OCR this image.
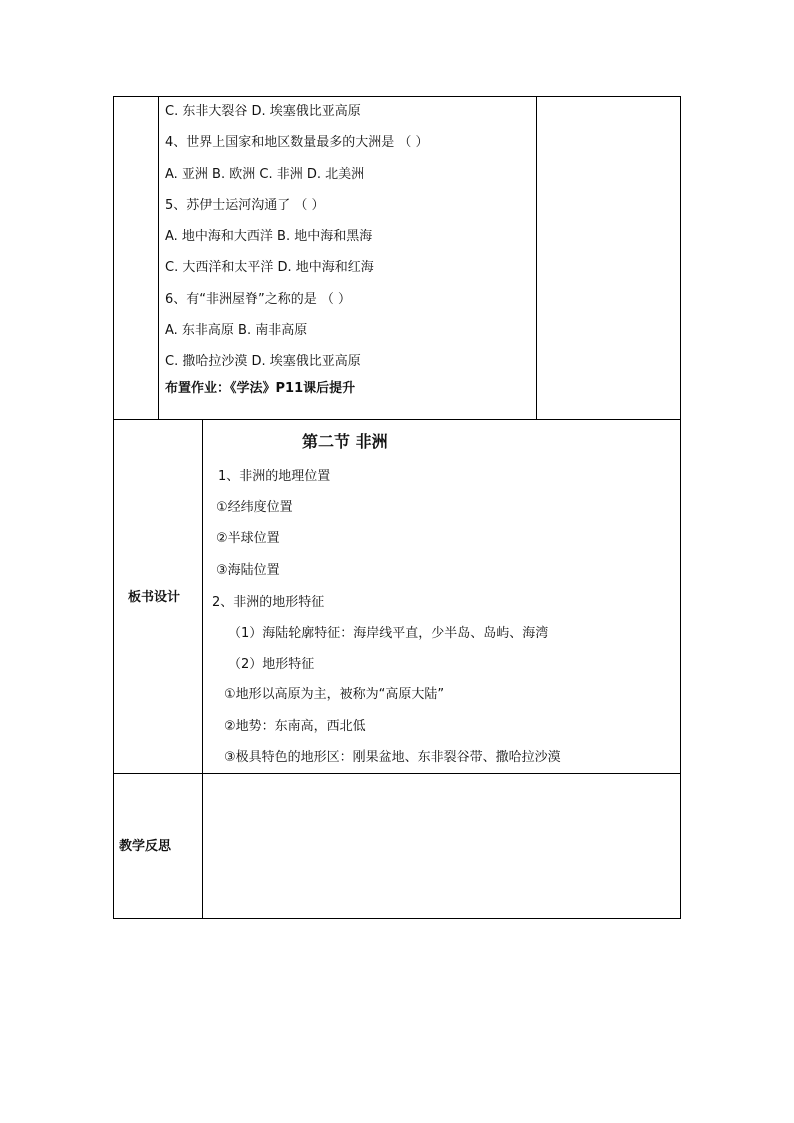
C. 东非大裂谷 D. 埃塞俄比亚高原
4、世界上国家和地区数量最多的大洲是 （ ）
A. 亚洲 B. 欧洲 C. 非洲 D. 北美洲
5、苏伊士运河沟通了 （ ）
A. 地中海和大西洋 B. 地中海和黑海
C. 大西洋和太平洋 D. 地中海和红海
6、有“非洲屋脊”之称的是 （ ）
A. 东非高原 B. 南非高原
C. 撒哈拉沙漠 D. 埃塞俄比亚高原
布置作业：《学法》P11课后提升
板书设计
第二节 非洲
1、非洲的地理位置
①经纬度位置
②半球位置
③海陆位置
2、非洲的地形特征
（1）海陆轮廓特征：海岸线平直，少半岛、岛屿、海湾
（2）地形特征
①地形以高原为主，被称为“高原大陆”
②地势：东南高，西北低
③极具特色的地形区：刚果盆地、东非裂谷带、撒哈拉沙漠
教学反思
